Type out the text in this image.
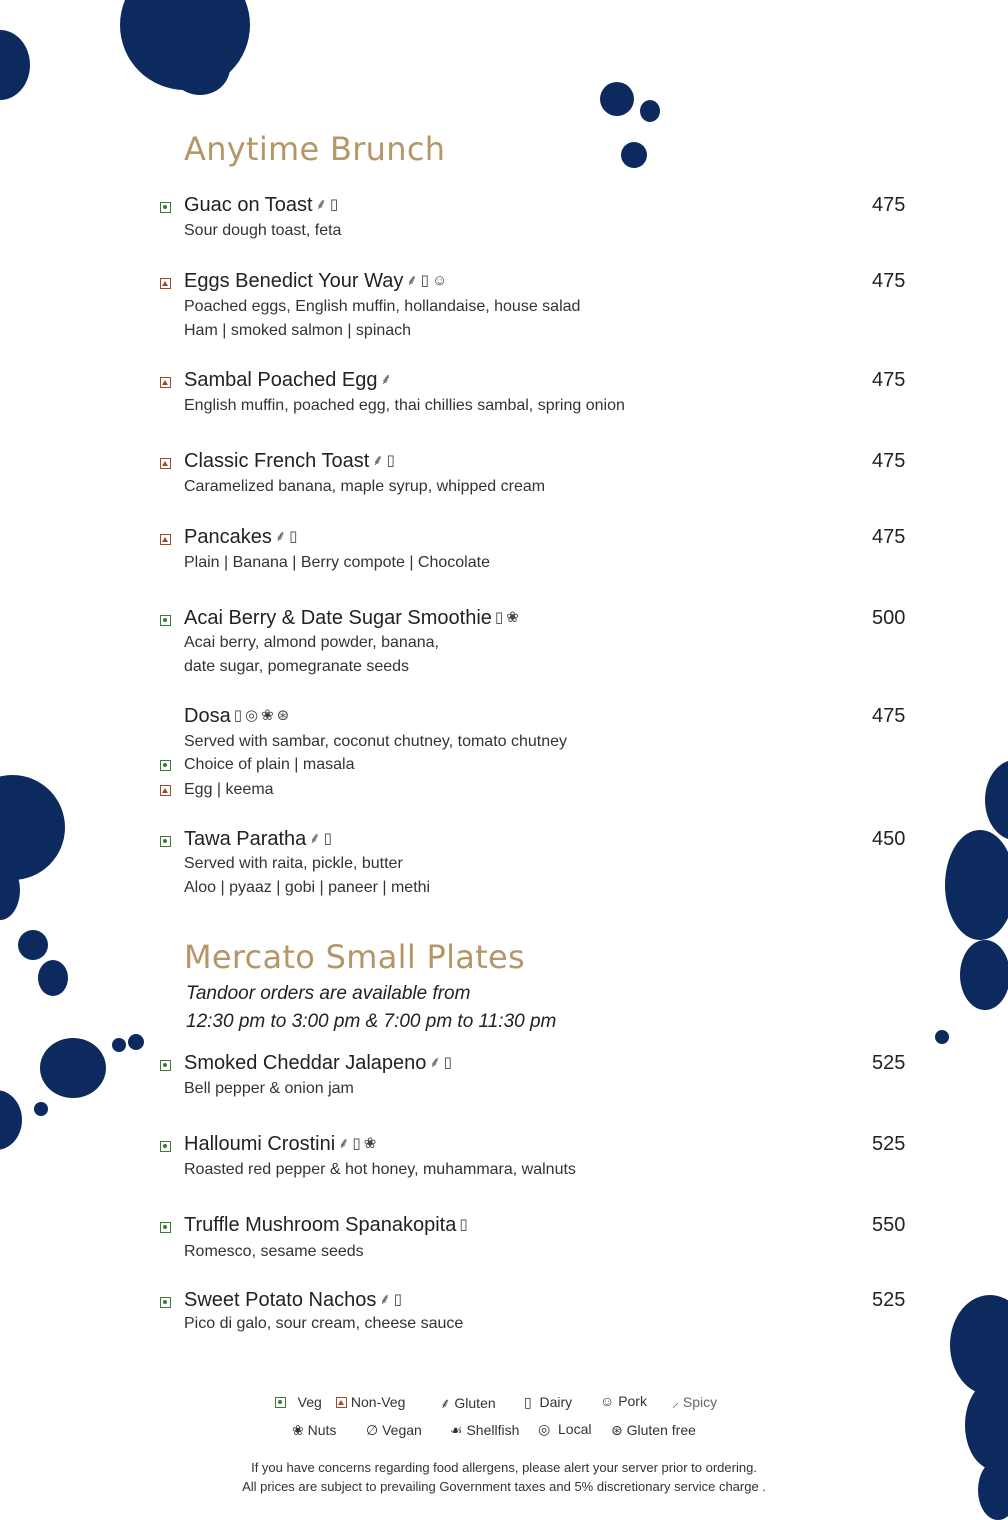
Anytime Brunch
Mercato Small Plates
Tandoor orders are available from
12:30 pm to 3:00 pm & 7:00 pm to 11:30 pm
Guac on Toast ⸙ ▯	475
Sour dough toast, feta
Eggs Benedict Your Way ⸙ ▯ ☺	475
Poached eggs, English muffin, hollandaise, house salad
Ham | smoked salmon | spinach
Sambal Poached Egg ⸙	475
English muffin, poached egg, thai chillies sambal, spring onion
Classic French Toast ⸙ ▯	475
Caramelized banana, maple syrup, whipped cream
Pancakes ⸙ ▯	475
Plain | Banana | Berry compote | Chocolate
Acai Berry & Date Sugar Smoothie ▯ ❀	500
Acai berry, almond powder, banana,
date sugar, pomegranate seeds
Dosa ▯ ◎ ❀ ⊛	475
Served with sambar, coconut chutney, tomato chutney
Choice of plain | masala
Egg | keema
Tawa Paratha ⸙ ▯	450
Served with raita, pickle, butter
Aloo | pyaaz | gobi | paneer | methi
Smoked Cheddar Jalapeno ⸙ ▯	525
Bell pepper & onion jam
Halloumi Crostini ⸙ ▯ ❀	525
Roasted red pepper & hot honey, muhammara, walnuts
Truffle Mushroom Spanakopita ▯	550
Romesco, sesame seeds
Sweet Potato Nachos ⸙ ▯	525
Pico di galo, sour cream, cheese sauce
Veg	Non-Veg ⸙ Gluten ▯ Dairy ☺ Pork ⸝ Spicy
❀ Nuts ∅ Vegan ☙ Shellfish ◎ Local ⊛ Gluten free
If you have concerns regarding food allergens, please alert your server prior to ordering.
All prices are subject to prevailing Government taxes and 5% discretionary service charge .
